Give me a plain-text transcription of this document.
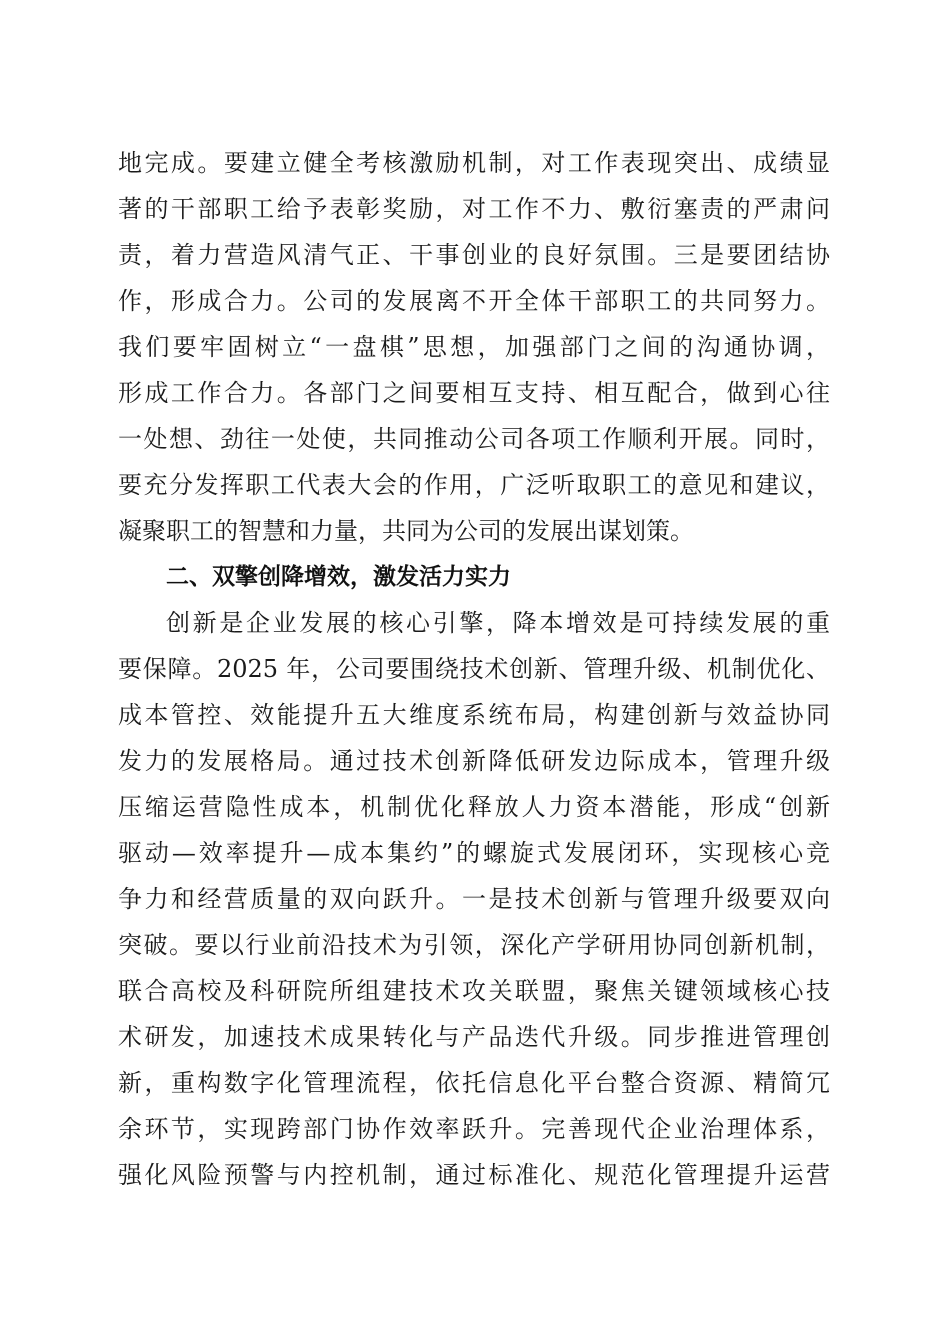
地完成。要建立健全考核激励机制，对工作表现突出、成绩显
著的干部职工给予表彰奖励，对工作不力、敷衍塞责的严肃问
责，着力营造风清气正、干事创业的良好氛围。三是要团结协
作，形成合力。公司的发展离不开全体干部职工的共同努力。
我们要牢固树立“一盘棋”思想，加强部门之间的沟通协调，
形成工作合力。各部门之间要相互支持、相互配合，做到心往
一处想、劲往一处使，共同推动公司各项工作顺利开展。同时，
要充分发挥职工代表大会的作用，广泛听取职工的意见和建议，
凝聚职工的智慧和力量，共同为公司的发展出谋划策。
二、双擎创降增效，激发活力实力
创新是企业发展的核心引擎，降本增效是可持续发展的重
要保障。2025 年，公司要围绕技术创新、管理升级、机制优化、
成本管控、效能提升五大维度系统布局，构建创新与效益协同
发力的发展格局。通过技术创新降低研发边际成本，管理升级
压缩运营隐性成本，机制优化释放人力资本潜能，形成“创新
驱动—效率提升—成本集约”的螺旋式发展闭环，实现核心竞
争力和经营质量的双向跃升。一是技术创新与管理升级要双向
突破。要以行业前沿技术为引领，深化产学研用协同创新机制，
联合高校及科研院所组建技术攻关联盟，聚焦关键领域核心技
术研发，加速技术成果转化与产品迭代升级。同步推进管理创
新，重构数字化管理流程，依托信息化平台整合资源、精简冗
余环节，实现跨部门协作效率跃升。完善现代企业治理体系，
强化风险预警与内控机制，通过标准化、规范化管理提升运营
